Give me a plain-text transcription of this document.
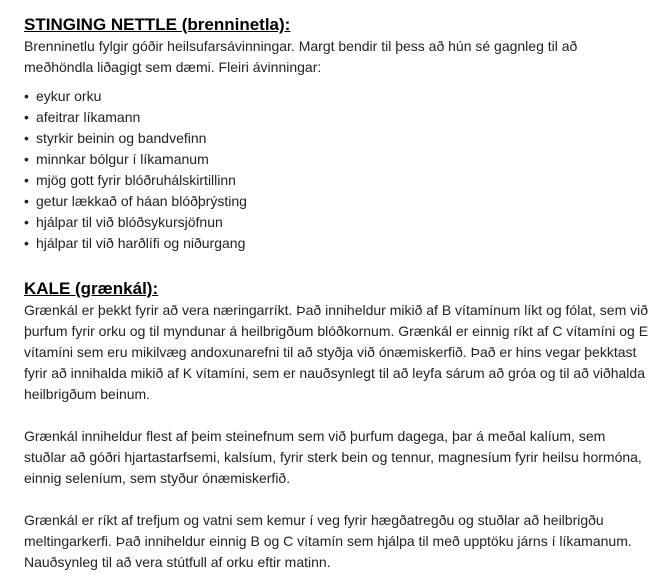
STINGING NETTLE (brenninetla):

Brenninetlu fylgir góðir heilsufarsávinningar. Margt bendir til þess að hún sé gagnleg til að meðhöndla liðagigt sem dæmi. Fleiri ávinningar:

• eykur orku
• afeitrar líkamann
• styrkir beinin og bandvefinn
• minnkar bólgur í líkamanum
• mjög gott fyrir blóðruhálskirtillinn
• getur lækkað of háan blóðþrýsting
• hjálpar til við blóðsykursjöfnun
• hjálpar til við harðlífi og niðurgang
KALE (grænkál):

Grænkál er þekkt fyrir að vera næringarríkt. Það inniheldur mikið af B vítamínum líkt og fólat, sem við þurfum fyrir orku og til myndunar á heilbrigðum blóðkornum. Grænkál er einnig ríkt af C vítamíni og E vítamíni sem eru mikilvæg andoxunarefni til að styðja við ónæmiskerfið. Það er hins vegar þekktast fyrir að innihalda mikið af K vítamíni, sem er nauðsynlegt til að leyfa sárum að gróa og til að viðhalda heilbrigðum beinum.

Grænkál inniheldur flest af þeim steinefnum sem við þurfum dagega, þar á meðal kalíum, sem stuðlar að góðri hjartastarfsemi, kalsíum, fyrir sterk bein og tennur, magnesíum fyrir heilsu hormóna, einnig seleníum, sem styður ónæmiskerfið.

Grænkál er ríkt af trefjum og vatni sem kemur í veg fyrir hægðatregðu og stuðlar að heilbrigðu meltingarkerfi. Það inniheldur einnig B og C vítamín sem hjálpa til með upptöku járns í líkamanum. Nauðsynleg til að vera stútfull af orku eftir matinn.
